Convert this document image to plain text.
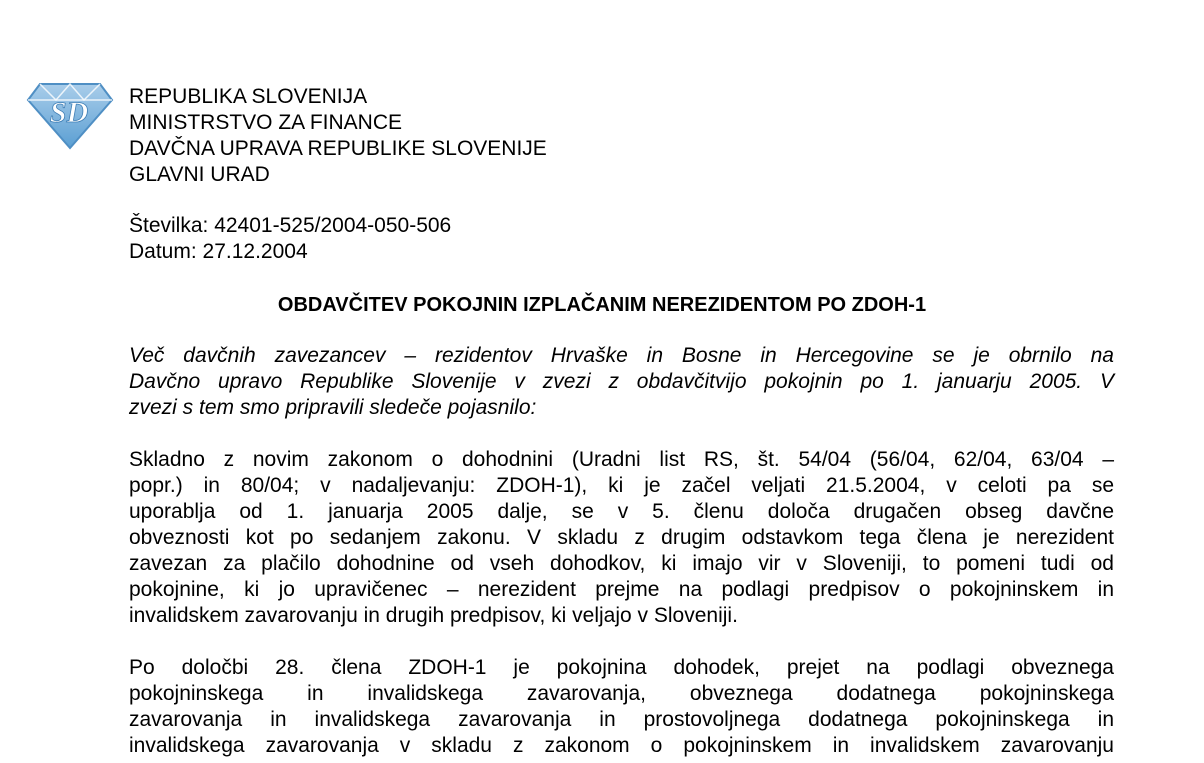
SD REPUBLIKA SLOVENIJA
MINISTRSTVO ZA FINANCE
DAVČNA UPRAVA REPUBLIKE SLOVENIJE
GLAVNI URAD
Številka: 42401-525/2004-050-506
Datum: 27.12.2004
OBDAVČITEV POKOJNIN IZPLAČANIM NEREZIDENTOM PO ZDOH-1
Več davčnih zavezancev – rezidentov Hrvaške in Bosne in Hercegovine se je obrnilo na
Davčno upravo Republike Slovenije v zvezi z obdavčitvijo pokojnin po 1. januarju 2005. V
zvezi s tem smo pripravili sledeče pojasnilo:
Skladno z novim zakonom o dohodnini (Uradni list RS, št. 54/04 (56/04, 62/04, 63/04 –
popr.) in 80/04; v nadaljevanju: ZDOH-1), ki je začel veljati 21.5.2004, v celoti pa se
uporablja od 1. januarja 2005 dalje, se v 5. členu določa drugačen obseg davčne
obveznosti kot po sedanjem zakonu. V skladu z drugim odstavkom tega člena je nerezident
zavezan za plačilo dohodnine od vseh dohodkov, ki imajo vir v Sloveniji, to pomeni tudi od
pokojnine, ki jo upravičenec – nerezident prejme na podlagi predpisov o pokojninskem in
invalidskem zavarovanju in drugih predpisov, ki veljajo v Sloveniji.
Po določbi 28. člena ZDOH-1 je pokojnina dohodek, prejet na podlagi obveznega
pokojninskega in invalidskega zavarovanja, obveznega dodatnega pokojninskega
zavarovanja in invalidskega zavarovanja in prostovoljnega dodatnega pokojninskega in
invalidskega zavarovanja v skladu z zakonom o pokojninskem in invalidskem zavarovanju
